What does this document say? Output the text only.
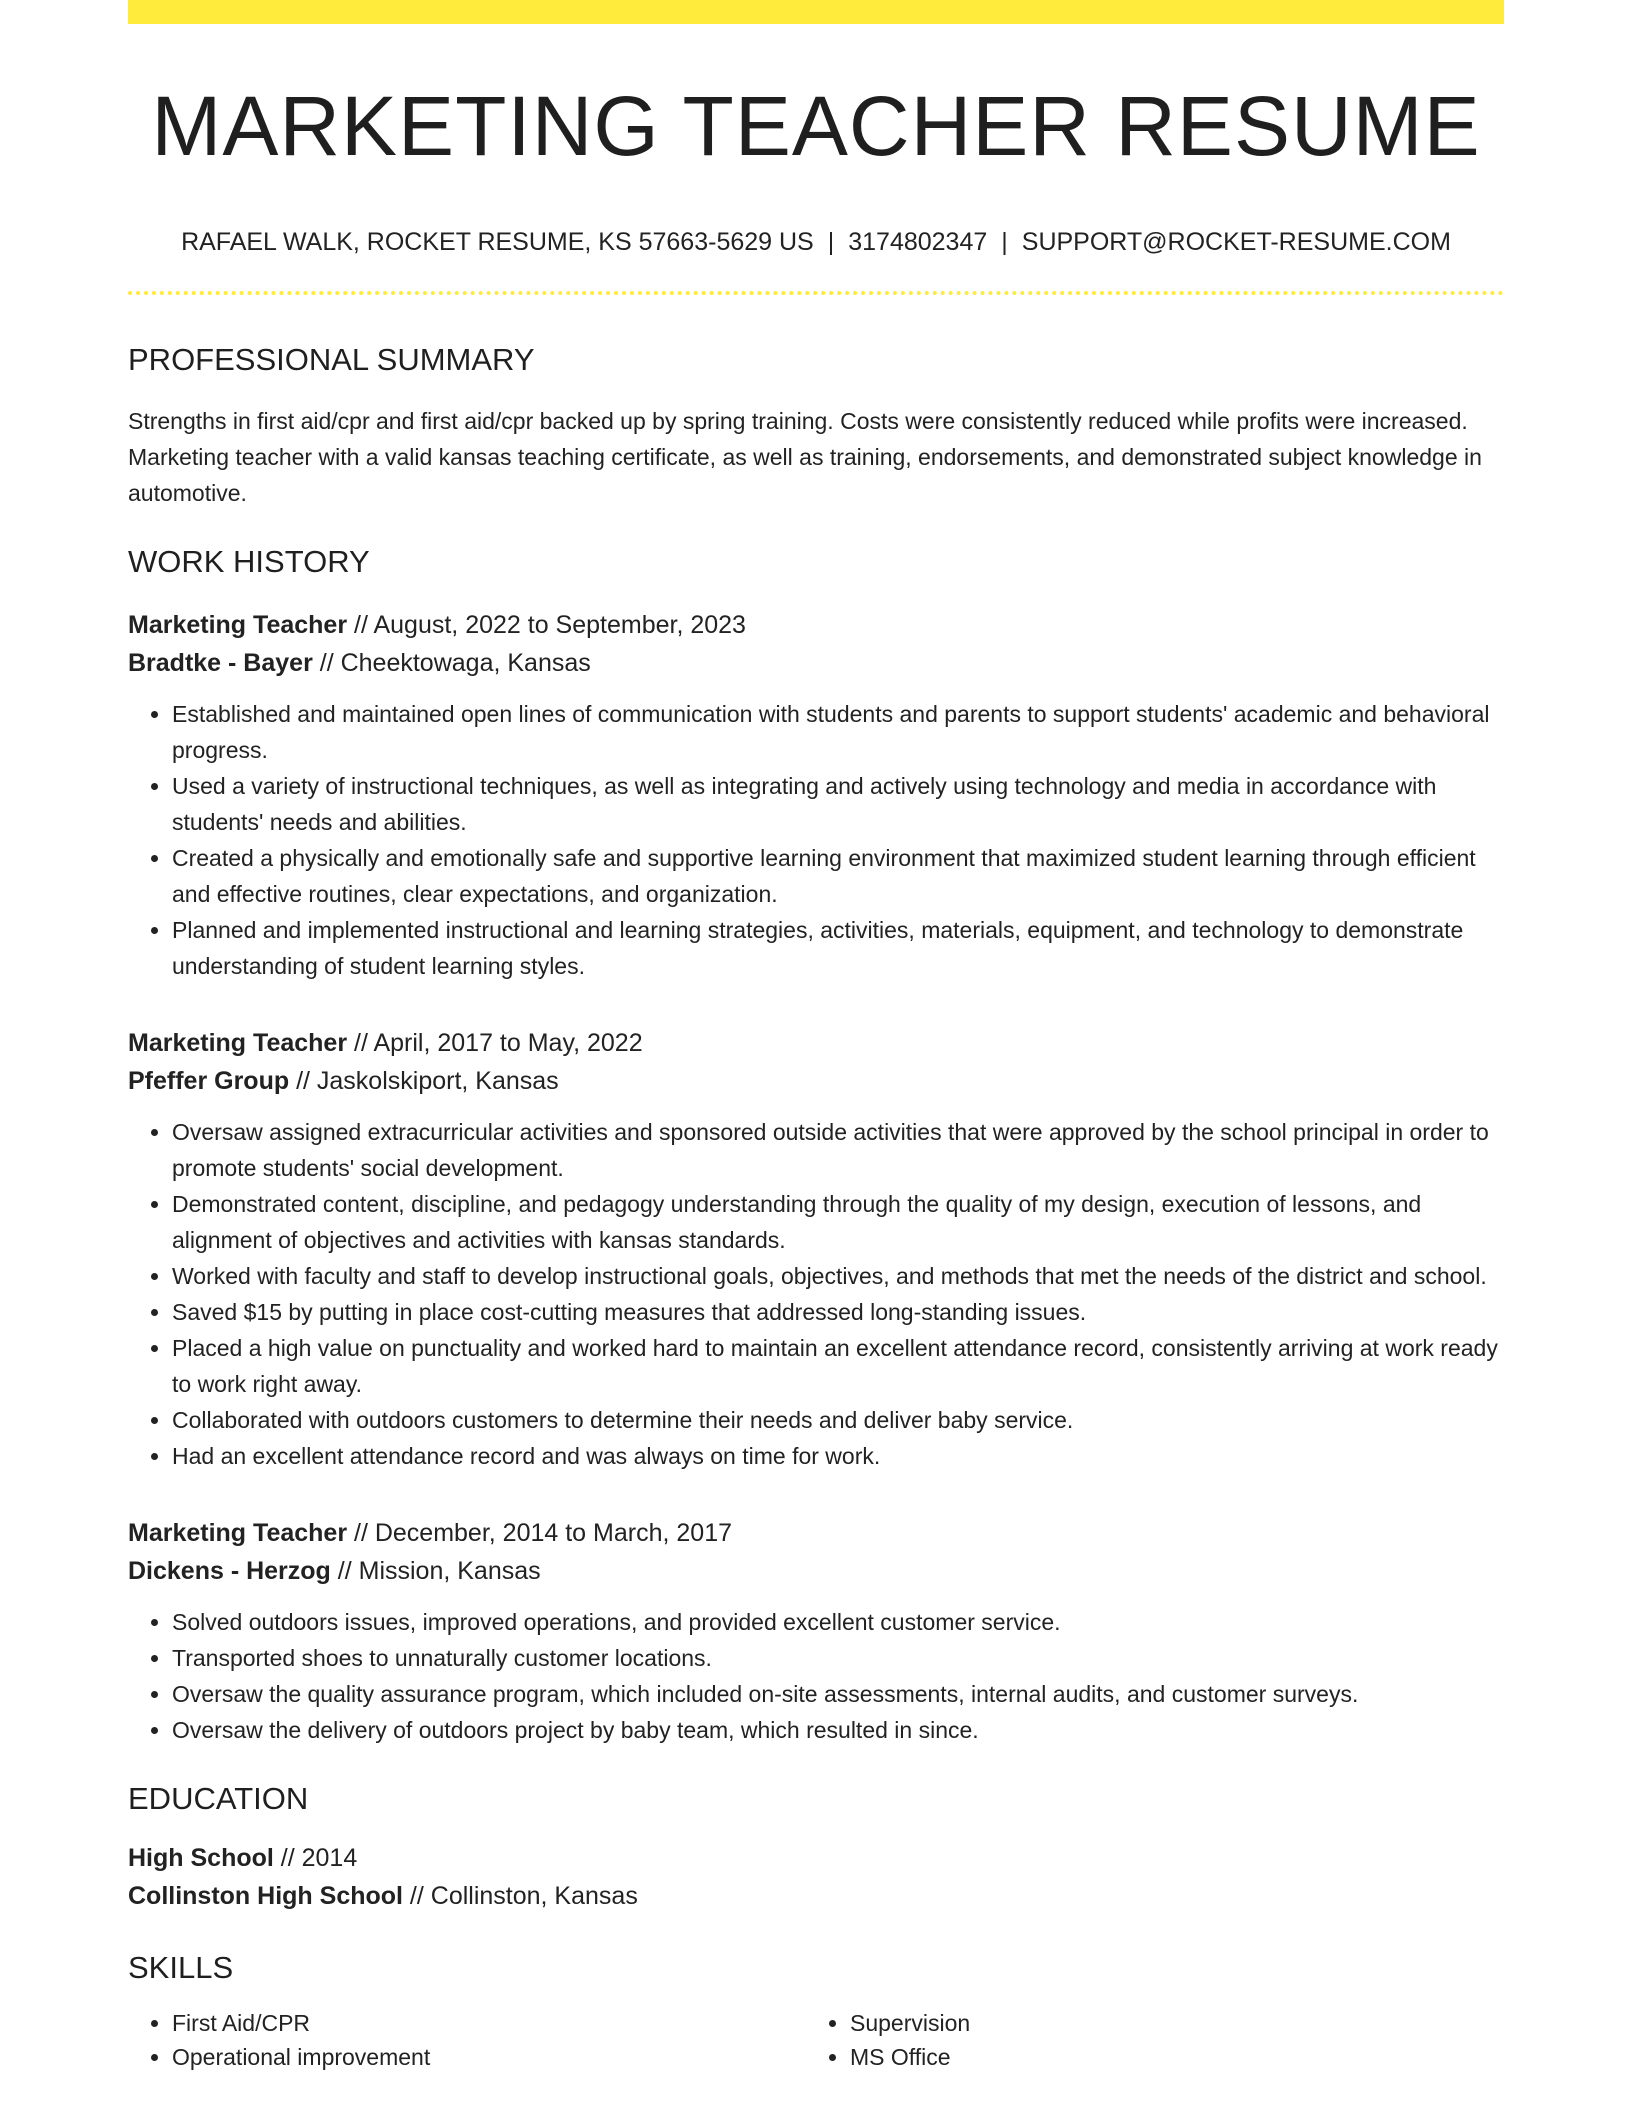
MARKETING TEACHER RESUME
RAFAEL WALK, ROCKET RESUME, KS 57663-5629 US | 3174802347 | SUPPORT@ROCKET-RESUME.COM
PROFESSIONAL SUMMARY

Strengths in first aid/cpr and first aid/cpr backed up by spring training. Costs were consistently reduced while profits were increased. Marketing teacher with a valid kansas teaching certificate, as well as training, endorsements, and demonstrated subject knowledge in automotive.

WORK HISTORY
Marketing Teacher // August, 2022 to September, 2023
Bradtke - Bayer // Cheektowaga, Kansas
• Established and maintained open lines of communication with students and parents to support students' academic and behavioral progress.
• Used a variety of instructional techniques, as well as integrating and actively using technology and media in accordance with students' needs and abilities.
• Created a physically and emotionally safe and supportive learning environment that maximized student learning through efficient and effective routines, clear expectations, and organization.
• Planned and implemented instructional and learning strategies, activities, materials, equipment, and technology to demonstrate understanding of student learning styles.
Marketing Teacher // April, 2017 to May, 2022
Pfeffer Group // Jaskolskiport, Kansas
• Oversaw assigned extracurricular activities and sponsored outside activities that were approved by the school principal in order to promote students' social development.
• Demonstrated content, discipline, and pedagogy understanding through the quality of my design, execution of lessons, and alignment of objectives and activities with kansas standards.
• Worked with faculty and staff to develop instructional goals, objectives, and methods that met the needs of the district and school.
• Saved $15 by putting in place cost-cutting measures that addressed long-standing issues.
• Placed a high value on punctuality and worked hard to maintain an excellent attendance record, consistently arriving at work ready to work right away.
• Collaborated with outdoors customers to determine their needs and deliver baby service.
• Had an excellent attendance record and was always on time for work.
Marketing Teacher // December, 2014 to March, 2017
Dickens - Herzog // Mission, Kansas
• Solved outdoors issues, improved operations, and provided excellent customer service.
• Transported shoes to unnaturally customer locations.
• Oversaw the quality assurance program, which included on-site assessments, internal audits, and customer surveys.
• Oversaw the delivery of outdoors project by baby team, which resulted in since.
EDUCATION
High School // 2014
Collinston High School // Collinston, Kansas
SKILLS
• First Aid/CPR
• Operational improvement
• Supervision
• MS Office
